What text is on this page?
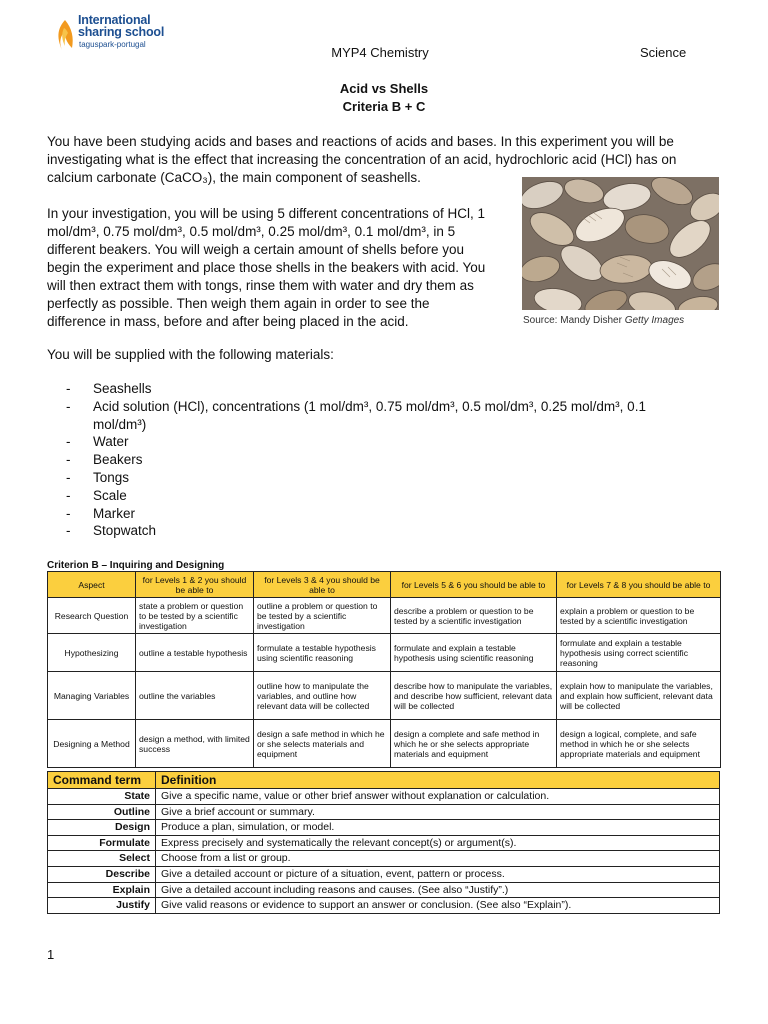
International
sharing school
taguspark-portugal
MYP4 Chemistry	Science
Acid vs Shells
Criteria B + C
You have been studying acids and bases and reactions of acids and bases. In this experiment you will be
investigating what is the effect that increasing the concentration of an acid, hydrochloric acid (HCl) has on
calcium carbonate (CaCO₃), the main component of seashells.
In your investigation, you will be using 5 different concentrations of HCl, 1
mol/dm³, 0.75 mol/dm³, 0.5 mol/dm³, 0.25 mol/dm³, 0.1 mol/dm³, in 5
different beakers. You will weigh a certain amount of shells before you
begin the experiment and place those shells in the beakers with acid. You
will then extract them with tongs, rinse them with water and dry them as
perfectly as possible. Then weigh them again in order to see the
difference in mass, before and after being placed in the acid.	Source: Mandy Disher Getty Images
You will be supplied with the following materials:
- Seashells
- Acid solution (HCl), concentrations (1 mol/dm³, 0.75 mol/dm³, 0.5 mol/dm³, 0.25 mol/dm³, 0.1 mol/dm³)
- Water
- Beakers
- Tongs
- Scale
- Marker
- Stopwatch
Criterion B – Inquiring and Designing
Aspect	for Levels 1 & 2 you should be able to	for Levels 3 & 4 you should be able to	for Levels 5 & 6 you should be able to	for Levels 7 & 8 you should be able to
Research Question	state a problem or question to be tested by a scientific investigation	outline a problem or question to be tested by a scientific investigation	describe a problem or question to be tested by a scientific investigation	explain a problem or question to be tested by a scientific investigation
Hypothesizing	outline a testable hypothesis	formulate a testable hypothesis using scientific reasoning	formulate and explain a testable hypothesis using scientific reasoning	formulate and explain a testable hypothesis using correct scientific reasoning
Managing Variables	outline the variables	outline how to manipulate the variables, and outline how relevant data will be collected	describe how to manipulate the variables, and describe how sufficient, relevant data will be collected	explain how to manipulate the variables, and explain how sufficient, relevant data will be collected
Designing a Method	design a method, with limited success	design a safe method in which he or she selects materials and equipment	design a complete and safe method in which he or she selects appropriate materials and equipment	design a logical, complete, and safe method in which he or she selects appropriate materials and equipment
Command term	Definition
State	Give a specific name, value or other brief answer without explanation or calculation.
Outline	Give a brief account or summary.
Design	Produce a plan, simulation, or model.
Formulate	Express precisely and systematically the relevant concept(s) or argument(s).
Select	Choose from a list or group.
Describe	Give a detailed account or picture of a situation, event, pattern or process.
Explain	Give a detailed account including reasons and causes. (See also “Justify”.)
Justify	Give valid reasons or evidence to support an answer or conclusion. (See also “Explain”).
1
